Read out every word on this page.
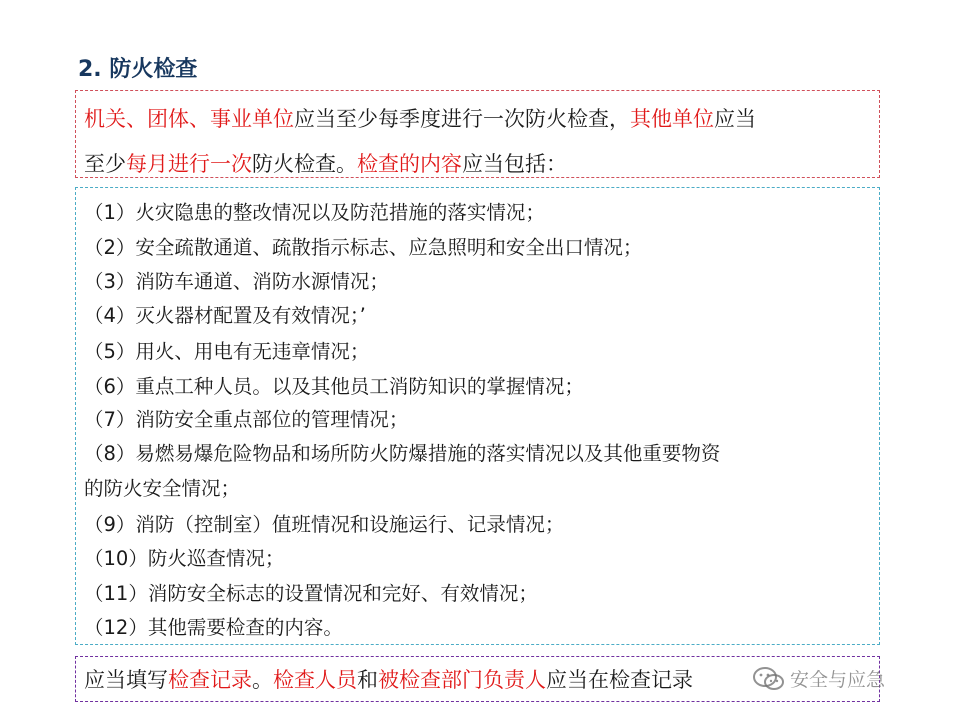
2. 防火检查
机关、团体、事业单位应当至少每季度进行一次防火检查，其他单位应当
至少每月进行一次防火检查。检查的内容应当包括：
（1）火灾隐患的整改情况以及防范措施的落实情况；
（2）安全疏散通道、疏散指示标志、应急照明和安全出口情况；
（3）消防车通道、消防水源情况；
（4）灭火器材配置及有效情况；’
（5）用火、用电有无违章情况；
（6）重点工种人员。以及其他员工消防知识的掌握情况；
（7）消防安全重点部位的管理情况；
（8）易燃易爆危险物品和场所防火防爆措施的落实情况以及其他重要物资
的防火安全情况；
（9）消防（控制室）值班情况和设施运行、记录情况；
（10）防火巡查情况；
（11）消防安全标志的设置情况和完好、有效情况；
（12）其他需要检查的内容。
应当填写检查记录。检查人员和被检查部门负责人应当在检查记录	安全与应急
